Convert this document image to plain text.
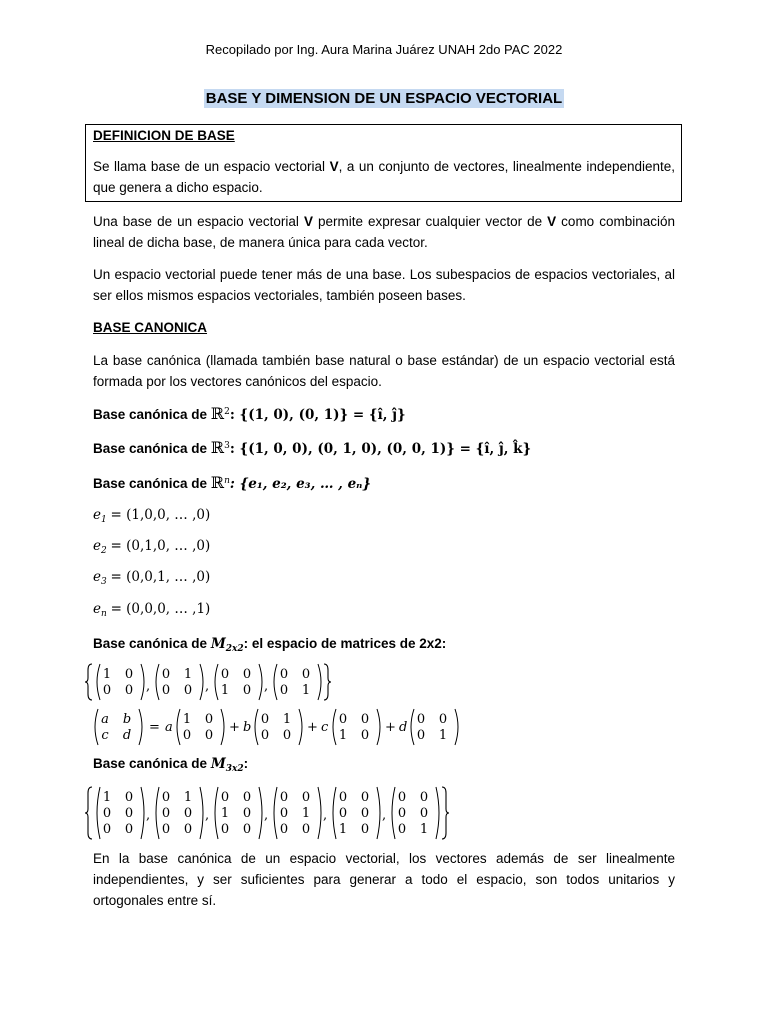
Recopilado por Ing. Aura Marina Juárez UNAH 2do PAC 2022
BASE Y DIMENSION DE UN ESPACIO VECTORIAL
DEFINICION DE BASE
Se llama base de un espacio vectorial V, a un conjunto de vectores, linealmente independiente, que genera a dicho espacio.
Una base de un espacio vectorial V permite expresar cualquier vector de V como combinación lineal de dicha base, de manera única para cada vector.
Un espacio vectorial puede tener más de una base. Los subespacios de espacios vectoriales, al ser ellos mismos espacios vectoriales, también poseen bases.
BASE CANONICA
La base canónica (llamada también base natural o base estándar) de un espacio vectorial está formada por los vectores canónicos del espacio.
Base canónica de ℝ$^2$: {(1, 0), (0, 1)} = {î, ĵ}
Base canónica de ℝ$^3$: {(1, 0, 0), (0, 1, 0), (0, 0, 1)} = {î, ĵ, k̂}
Base canónica de ℝ$^n$: {e₁, e₂, e₃, … , eₙ}
$e_1 = (1,0,0$, … ,0)
$e_2 = (0,1,0$, … ,0)
$e_3 = (0,0,1$, … ,0)
$e_n = (0,0,0$, … ,1)
Base canónica de $M_{2x2}$: el espacio de matrices de 2x2:
Base canónica de $M_{3x2}$:
1 0
0 0 ,
0 1
0 0 ,
0 0
1 0 ,
0 0
0 1
a b
c d
= a
1 0
0 0
+ b
0 1
0 0
+ c
0 0
1 0
+ d
0 0
0 1
1 0
0 0
0 0
,
0 1
0 0
0 0
,
0 0
1 0
0 0
,
0 0
0 1
0 0
,
0 0
0 0
1 0
,
0 0
0 0
0 1
En la base canónica de un espacio vectorial, los vectores además de ser linealmente independientes, y ser suficientes para generar a todo el espacio, son todos unitarios y ortogonales entre sí.
